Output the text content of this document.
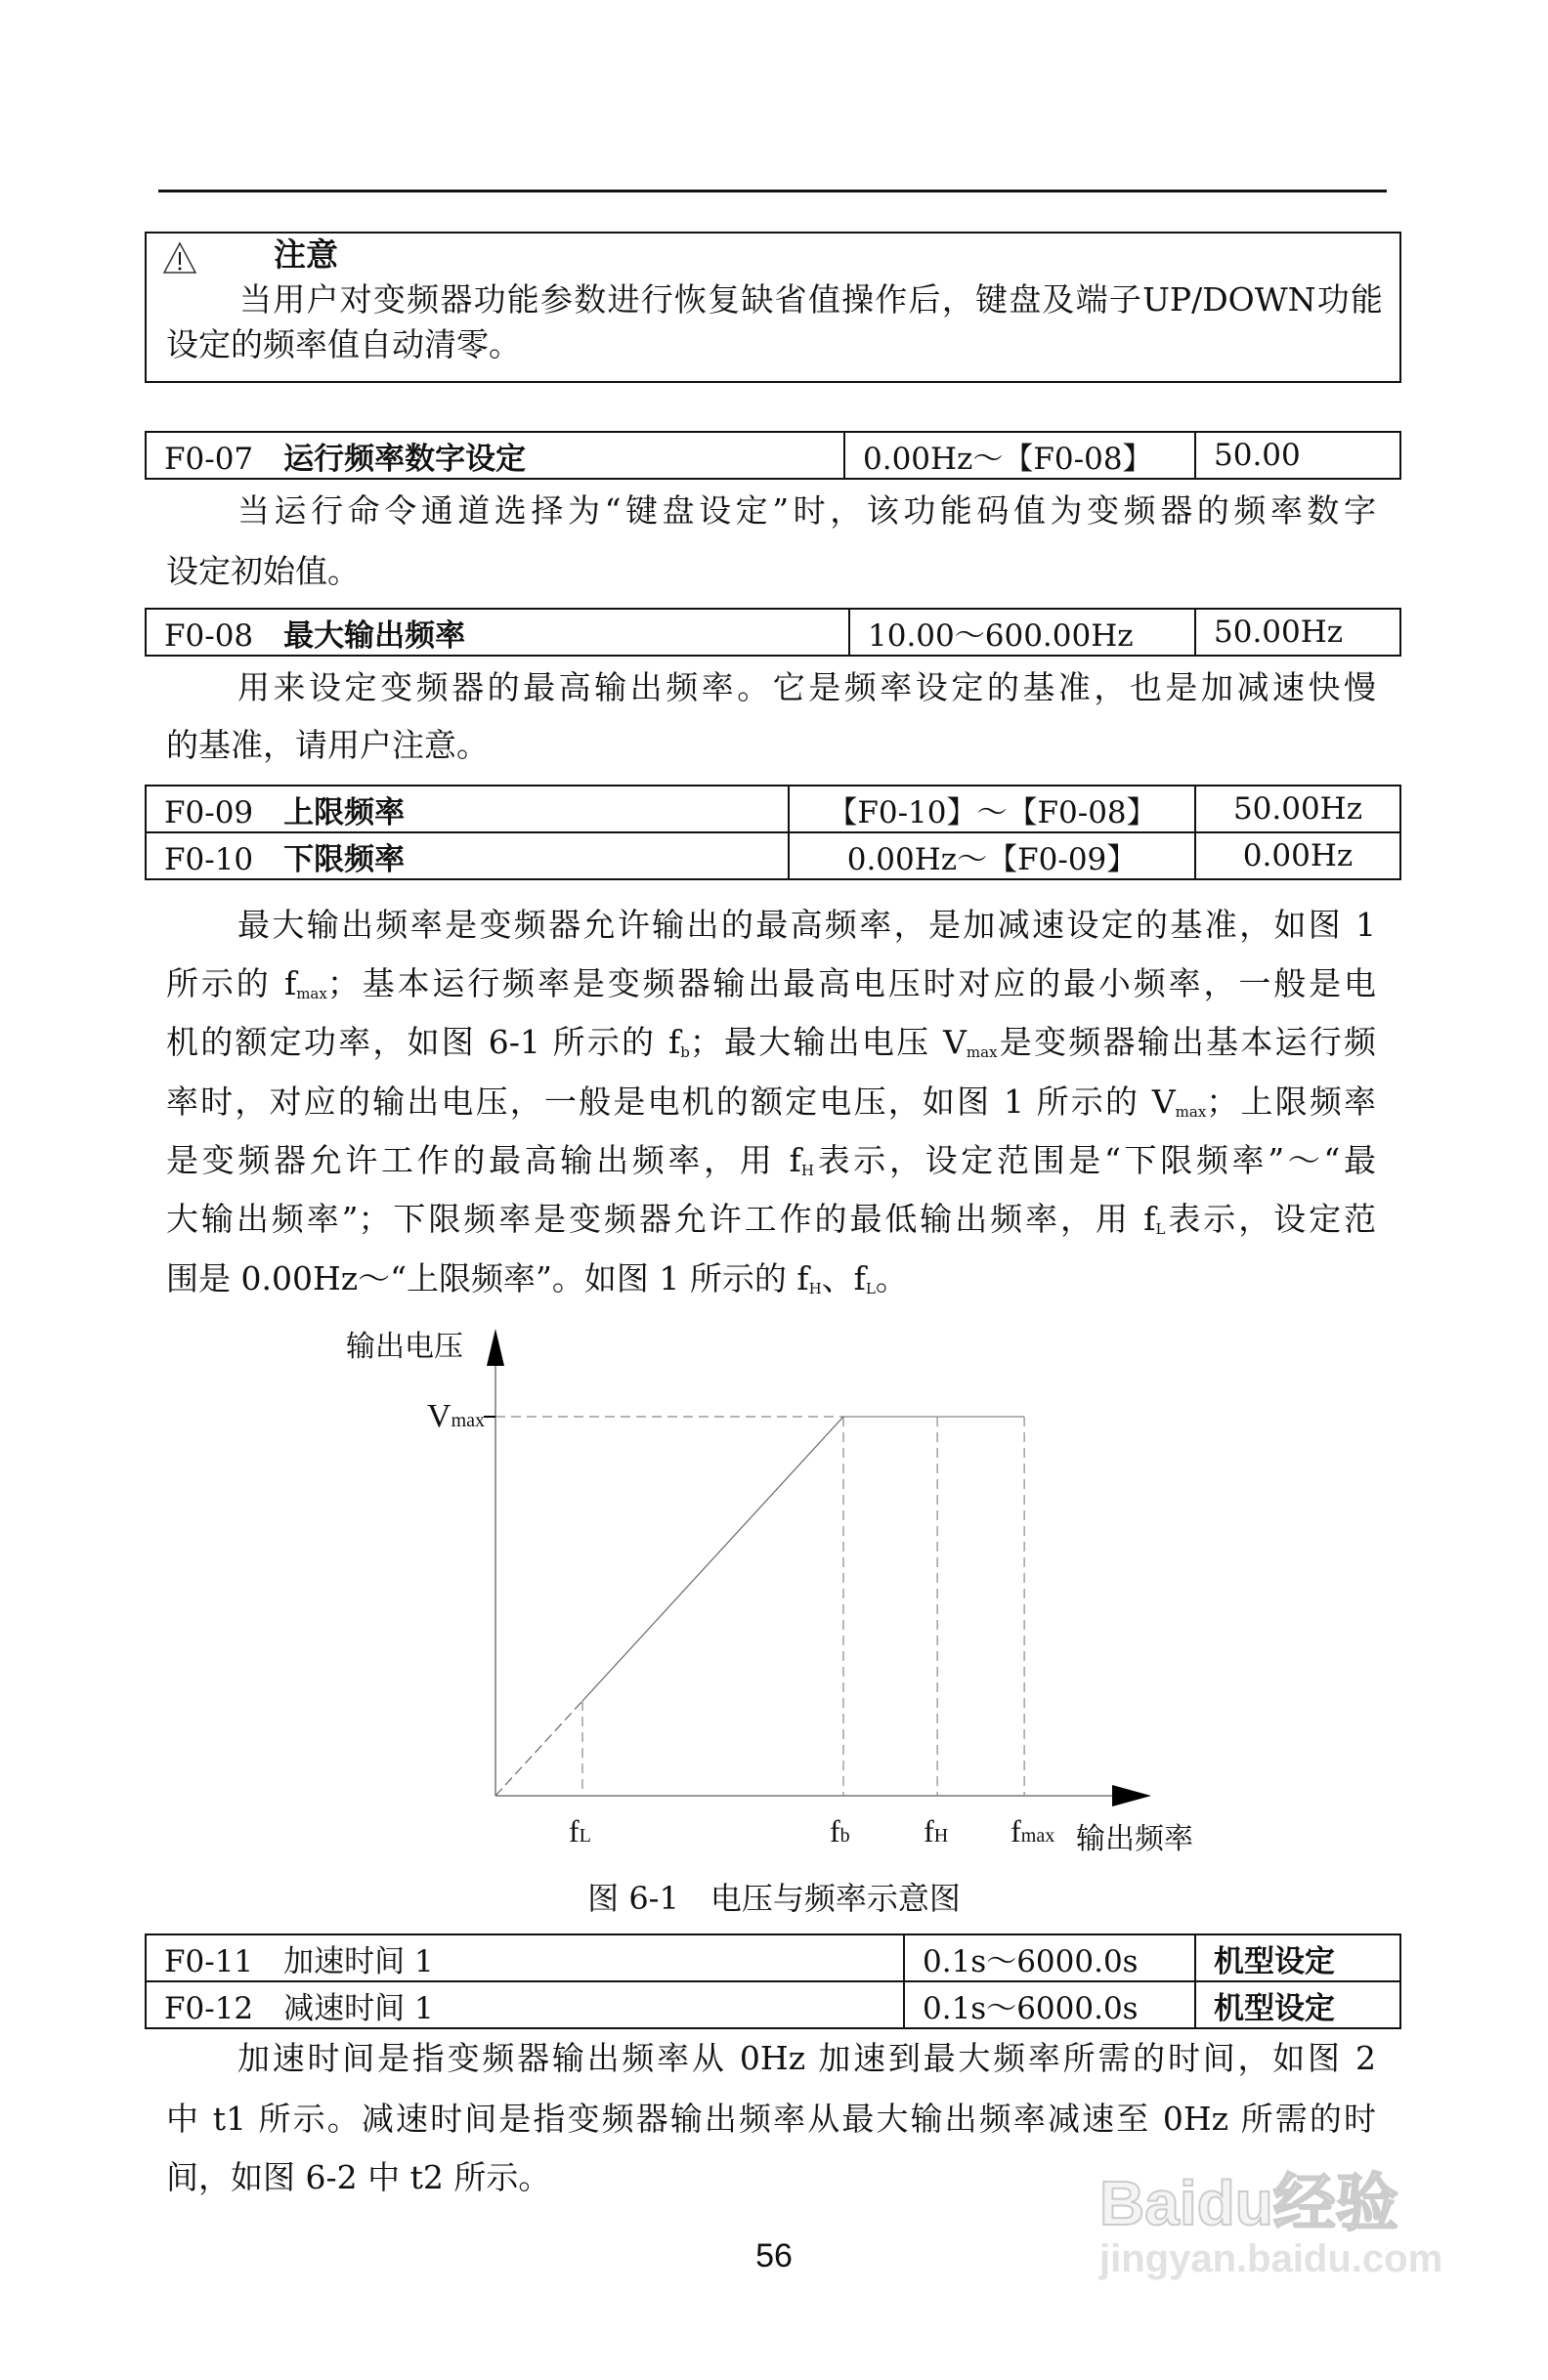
注意
当用户对变频器功能参数进行恢复缺省值操作后，键盘及端子UP/DOWN功能
设定的频率值自动清零。
F0-07  运行频率数字设定	0.00Hz～【F0-08】	50.00
当运行命令通道选择为“键盘设定”时，该功能码值为变频器的频率数字
设定初始值。
F0-08  最大输出频率	10.00～600.00Hz	50.00Hz
用来设定变频器的最高输出频率。它是频率设定的基准，也是加减速快慢
的基准，请用户注意。
F0-09  上限频率	【F0-10】～【F0-08】	50.00Hz
F0-10  下限频率	0.00Hz～【F0-09】	0.00Hz
最大输出频率是变频器允许输出的最高频率，是加减速设定的基准，如图 1
所示的 $f_{max}$；基本运行频率是变频器输出最高电压时对应的最小频率，一般是电
机的额定功率，如图 6-1 所示的 $f_b$；最大输出电压 $V_{max}$是变频器输出基本运行频
率时，对应的输出电压，一般是电机的额定电压，如图 1 所示的 $V_{max}$；上限频率
是变频器允许工作的最高输出频率，用 $f_H$表示，设定范围是“下限频率”～“最
大输出频率”；下限频率是变频器允许工作的最低输出频率，用 $f_L$表示，设定范
围是 0.00Hz～“上限频率”。如图 1 所示的 $f_H$、$f_L$。
输出电压
Vmax
fL	fb fH fmax 输出频率
图 6-1　电压与频率示意图
F0-11  加速时间 1	0.1s～6000.0s	机型设定
F0-12  减速时间 1	0.1s～6000.0s	机型设定
加速时间是指变频器输出频率从 0Hz 加速到最大频率所需的时间，如图 2
中 t1 所示。减速时间是指变频器输出频率从最大输出频率减速至 0Hz 所需的时
间，如图 6-2 中 t2 所示。
56
Baidu经验
jingyan.baidu.com
